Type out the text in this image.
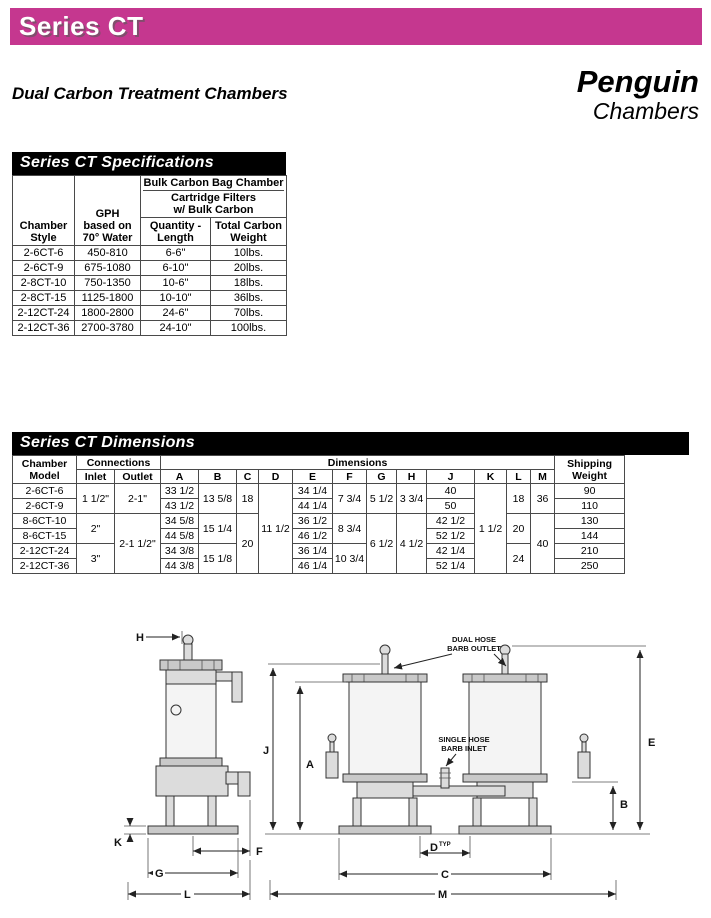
Series CT
Dual Carbon Treatment Chambers	Penguin
Chambers
Series CT Specifications
Chamber
Style

GPH
based on
70° Water

Bulk Carbon Bag Chamber
Cartridge Filters
w/ Bulk Carbon

Quantity -
Length

Total Carbon
Weight

2-6CT-6	450-810	6-6"	10lbs.
2-6CT-9	675-1080	6-10"	20lbs.
2-8CT-10	750-1350	10-6"	18lbs.
2-8CT-15	1125-1800	10-10"	36lbs.
2-12CT-24	1800-2800	24-6"	70lbs.
2-12CT-36	2700-3780	24-10"	100lbs.
Series CT Dimensions
Chamber
Model
	Connections	Dimensions	Shipping
Weight

	Inlet	Outlet	A	B	C	D	E	F	G	H	J	K	L	M	
2-6CT-6	1 1/2"	2-1"	33 1/2	13 5/8	18	11 1/2	34 1/4	7 3/4	5 1/2	3 3/4	40	1 1/2	18	36	90
2-6CT-9			43 1/2				44 1/4				50				110
8-6CT-10	2"	2-1 1/2"	34 5/8	15 1/4	20		36 1/2	8 3/4	6 1/2	4 1/2	42 1/2		20	40	130
8-6CT-15			44 5/8				46 1/2				52 1/2				144
2-12CT-24	3"		34 3/8	15 1/8			36 1/4	10 3/4			42 1/4		24		210
2-12CT-36			44 3/8				46 1/4				52 1/4				250
H
K
F
G
L
DUAL HOSE
BARB OUTLET
SINGLE HOSE
BARB INLET
J
A
E
B
D TYP
C
M
